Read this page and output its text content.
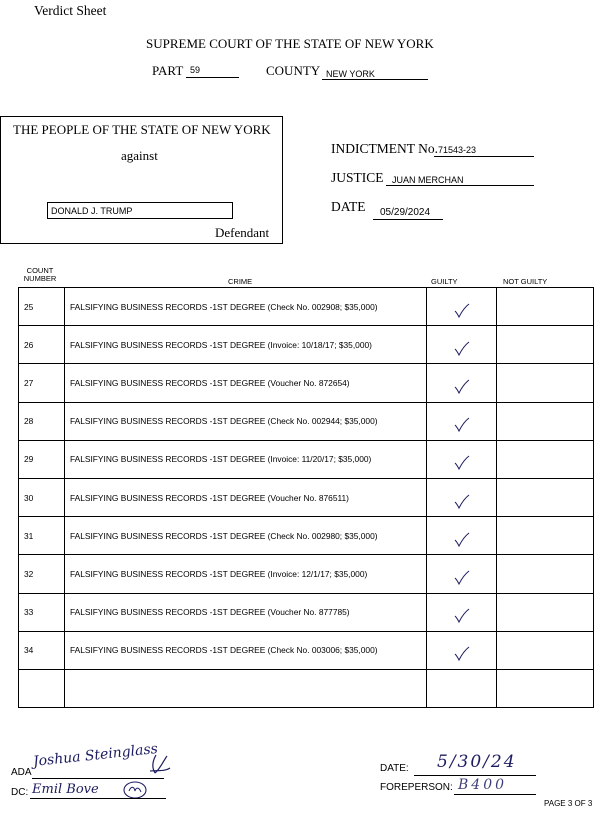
Verdict Sheet
SUPREME COURT OF THE STATE OF NEW YORK
PART 59	COUNTY NEW YORK
THE PEOPLE OF THE STATE OF NEW YORK
against
DONALD J. TRUMP
Defendant
INDICTMENT No. 71543-23
JUSTICE JUAN MERCHAN
DATE 05/29/2024
COUNT
NUMBER	CRIME	GUILTY	NOT GUILTY
25	FALSIFYING BUSINESS RECORDS -1ST DEGREE (Check No. 002908; $35,000)		
26	FALSIFYING BUSINESS RECORDS -1ST DEGREE (Invoice: 10/18/17; $35,000)		
27	FALSIFYING BUSINESS RECORDS -1ST DEGREE (Voucher No. 872654)		
28	FALSIFYING BUSINESS RECORDS -1ST DEGREE (Check No. 002944; $35,000)		
29	FALSIFYING BUSINESS RECORDS -1ST DEGREE (Invoice: 11/20/17; $35,000)		
30	FALSIFYING BUSINESS RECORDS -1ST DEGREE (Voucher No. 876511)		
31	FALSIFYING BUSINESS RECORDS -1ST DEGREE (Check No. 002980; $35,000)		
32	FALSIFYING BUSINESS RECORDS -1ST DEGREE (Invoice: 12/1/17; $35,000)		
33	FALSIFYING BUSINESS RECORDS -1ST DEGREE (Voucher No. 877785)		
34	FALSIFYING BUSINESS RECORDS -1ST DEGREE (Check No. 003006; $35,000)		

ADA
Joshua Steinglass
DC: Emil Bove
DATE: 5/30/24
FOREPERSON: B400
PAGE 3 OF 3
